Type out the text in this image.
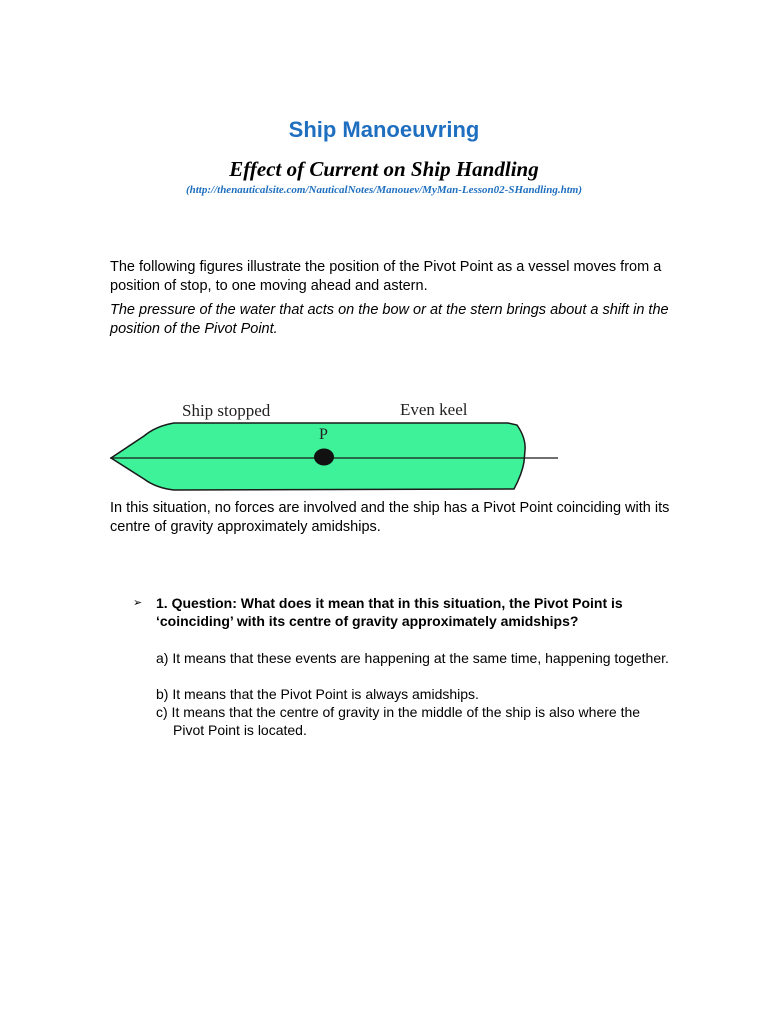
Ship Manoeuvring
Effect of Current on Ship Handling
(http://thenauticalsite.com/NauticalNotes/Manouev/MyMan-Lesson02-SHandling.htm)

The following figures illustrate the position of the Pivot Point as a vessel moves from a position of stop, to one moving ahead and astern.

The pressure of the water that acts on the bow or at the stern brings about a shift in the position of the Pivot Point.

P
Ship stopped	Even keel

In this situation, no forces are involved and the ship has a Pivot Point coinciding with its centre of gravity approximately amidships.

➢ 1. Question: What does it mean that in this situation, the Pivot Point is ‘coinciding’ with its centre of gravity approximately amidships?
a) It means that these events are happening at the same time, happening together.
b) It means that the Pivot Point is always amidships.
c) It means that the centre of gravity in the middle of the ship is also where the Pivot Point is located.
